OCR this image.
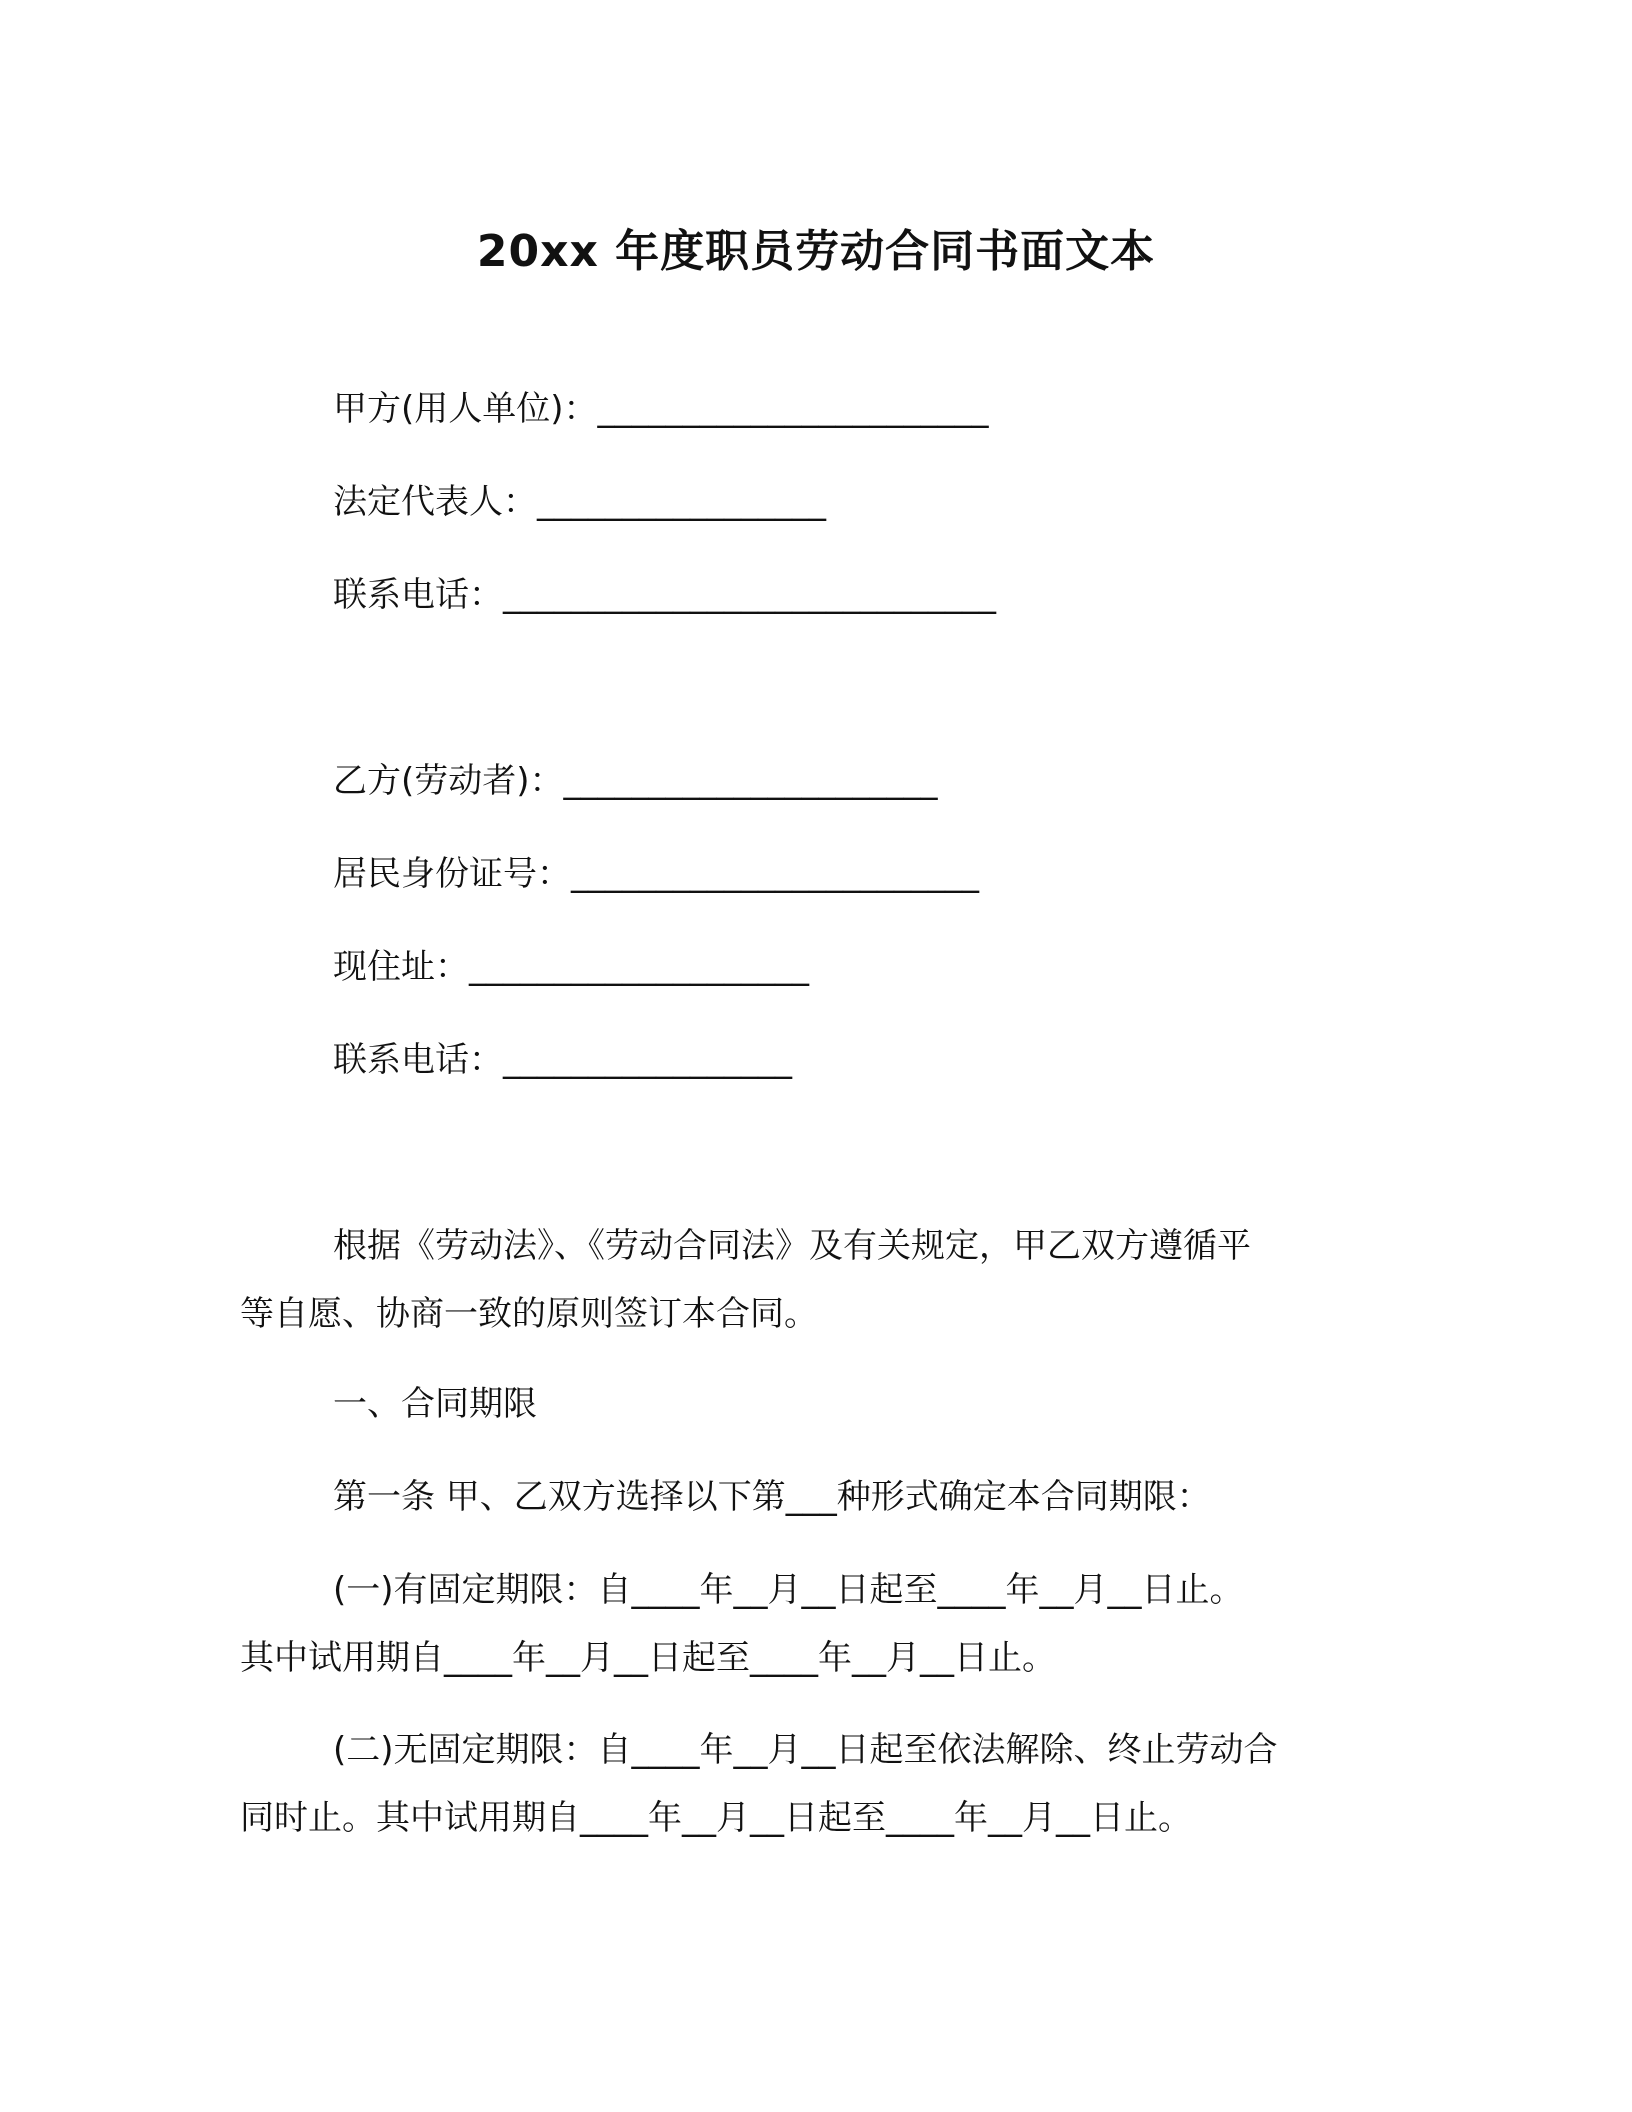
20xx 年度职员劳动合同书面文本
甲方(用人单位)：_______________________
法定代表人：_________________
联系电话：_____________________________
乙方(劳动者)：______________________
居民身份证号：________________________
现住址：____________________
联系电话：_________________
根据《劳动法》、《劳动合同法》及有关规定，甲乙双方遵循平
等自愿、协商一致的原则签订本合同。
一、合同期限
第一条 甲、乙双方选择以下第___种形式确定本合同期限：
(一)有固定期限：自____年__月__日起至____年__月__日止。
其中试用期自____年__月__日起至____年__月__日止。
(二)无固定期限：自____年__月__日起至依法解除、终止劳动合
同时止。其中试用期自____年__月__日起至____年__月__日止。
